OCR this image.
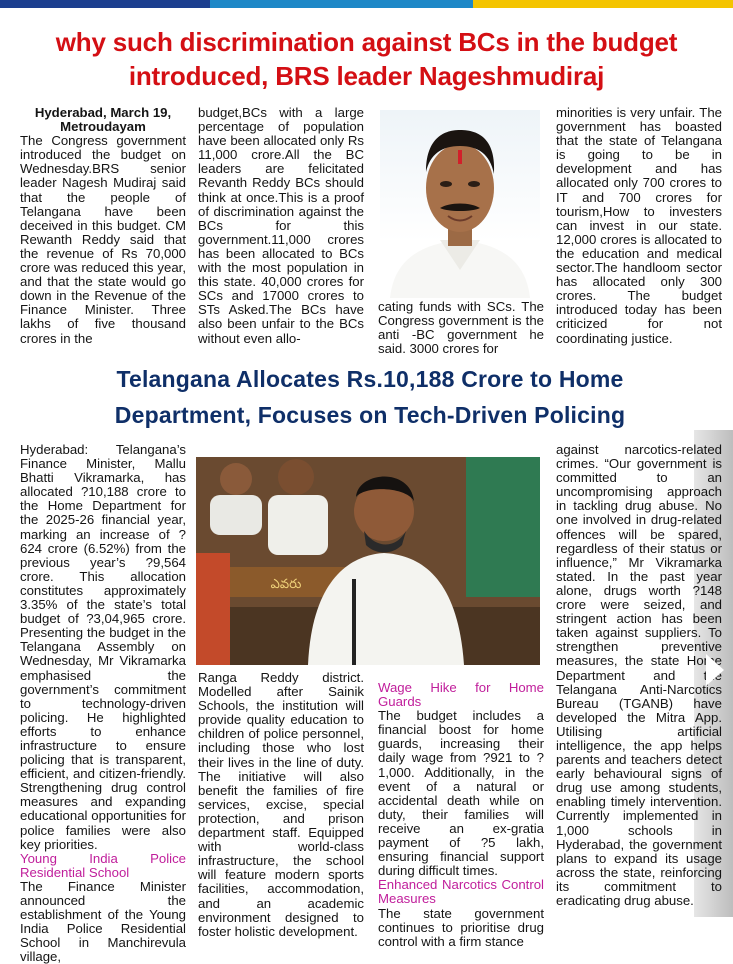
why such discrimination against BCs in the budget
introduced, BRS leader Nageshmudiraj

Hyderabad, March 19,

Metroudayam

The Congress government introduced the budget on Wednesday.BRS senior leader Nagesh Mudiraj said that the people of Telangana have been deceived in this budget. CM Rewanth Reddy said that the revenue of Rs 70,000 crore was reduced this year, and that the state would go down in the Revenue of the Finance Minister. Three lakhs of five thousand crores in the

budget,BCs with a large percentage of population have been allocated only Rs 11,000 crore.All the BC leaders are felicitated Revanth Reddy BCs should think at once.This is a proof of discrimination against the BCs for this government.11,000 crores has been allocated to BCs with the most population in this state. 40,000 crores for SCs and 17000 crores to STs Asked.The BCs have also been unfair to the BCs without even allo-

cating funds with SCs. The Congress government is the anti -BC government he said. 3000 crores for

minorities is very unfair. The government has boasted that the state of Telangana is going to be in development and has allocated only 700 crores to IT and 700 crores for tourism,How to investers can invest in our state. 12,000 crores is allocated to the education and medical sector.The handloom sector has allocated only 300 crores. The budget introduced today has been criticized for not coordinating justice.

Telangana Allocates Rs.10,188 Crore to Home
Department, Focuses on Tech-Driven Policing

Hyderabad: Telangana’s Finance Minister, Mallu Bhatti Vikramarka, has allocated ?10,188 crore to the Home Department for the 2025-26 financial year, marking an increase of ?624 crore (6.52%) from the previous year’s ?9,564 crore. This allocation constitutes approximately 3.35% of the state’s total budget of ?3,04,965 crore. Presenting the budget in the Telangana Assembly on Wednesday, Mr Vikramarka emphasised the government’s commitment to technology-driven policing. He highlighted efforts to enhance infrastructure to ensure policing that is transparent, efficient, and citizen-friendly. Strengthening drug control measures and expanding educational opportunities for police families were also key priorities.

Young India Police Residential School

The Finance Minister announced the establishment of the Young India Police Residential School in Manchirevula village,

ఎవరు

Ranga Reddy district. Modelled after Sainik Schools, the institution will provide quality education to children of police personnel, including those who lost their lives in the line of duty. The initiative will also benefit the families of fire services, excise, special protection, and prison department staff. Equipped with world-class infrastructure, the school will feature modern sports facilities, accommodation, and an academic environment designed to foster holistic development.

Wage Hike for Home Guards

The budget includes a financial boost for home guards, increasing their daily wage from ?921 to ?1,000. Additionally, in the event of a natural or accidental death while on duty, their families will receive an ex-gratia payment of ?5 lakh, ensuring financial support during difficult times.

Enhanced Narcotics Control Measures

The state government continues to prioritise drug control with a firm stance

against narcotics-related crimes. “Our government is committed to an uncompromising approach in tackling drug abuse. No one involved in drug-related offences will be spared, regardless of their status or influence,” Mr Vikramarka stated. In the past year alone, drugs worth ?148 crore were seized, and stringent action has been taken against suppliers. To strengthen preventive measures, the state Home Department and the Telangana Anti-Narcotics Bureau (TGANB) have developed the Mitra App. Utilising artificial intelligence, the app helps parents and teachers detect early behavioural signs of drug use among students, enabling timely intervention. Currently implemented in 1,000 schools in Hyderabad, the government plans to expand its usage across the state, reinforcing its commitment to eradicating drug abuse.
